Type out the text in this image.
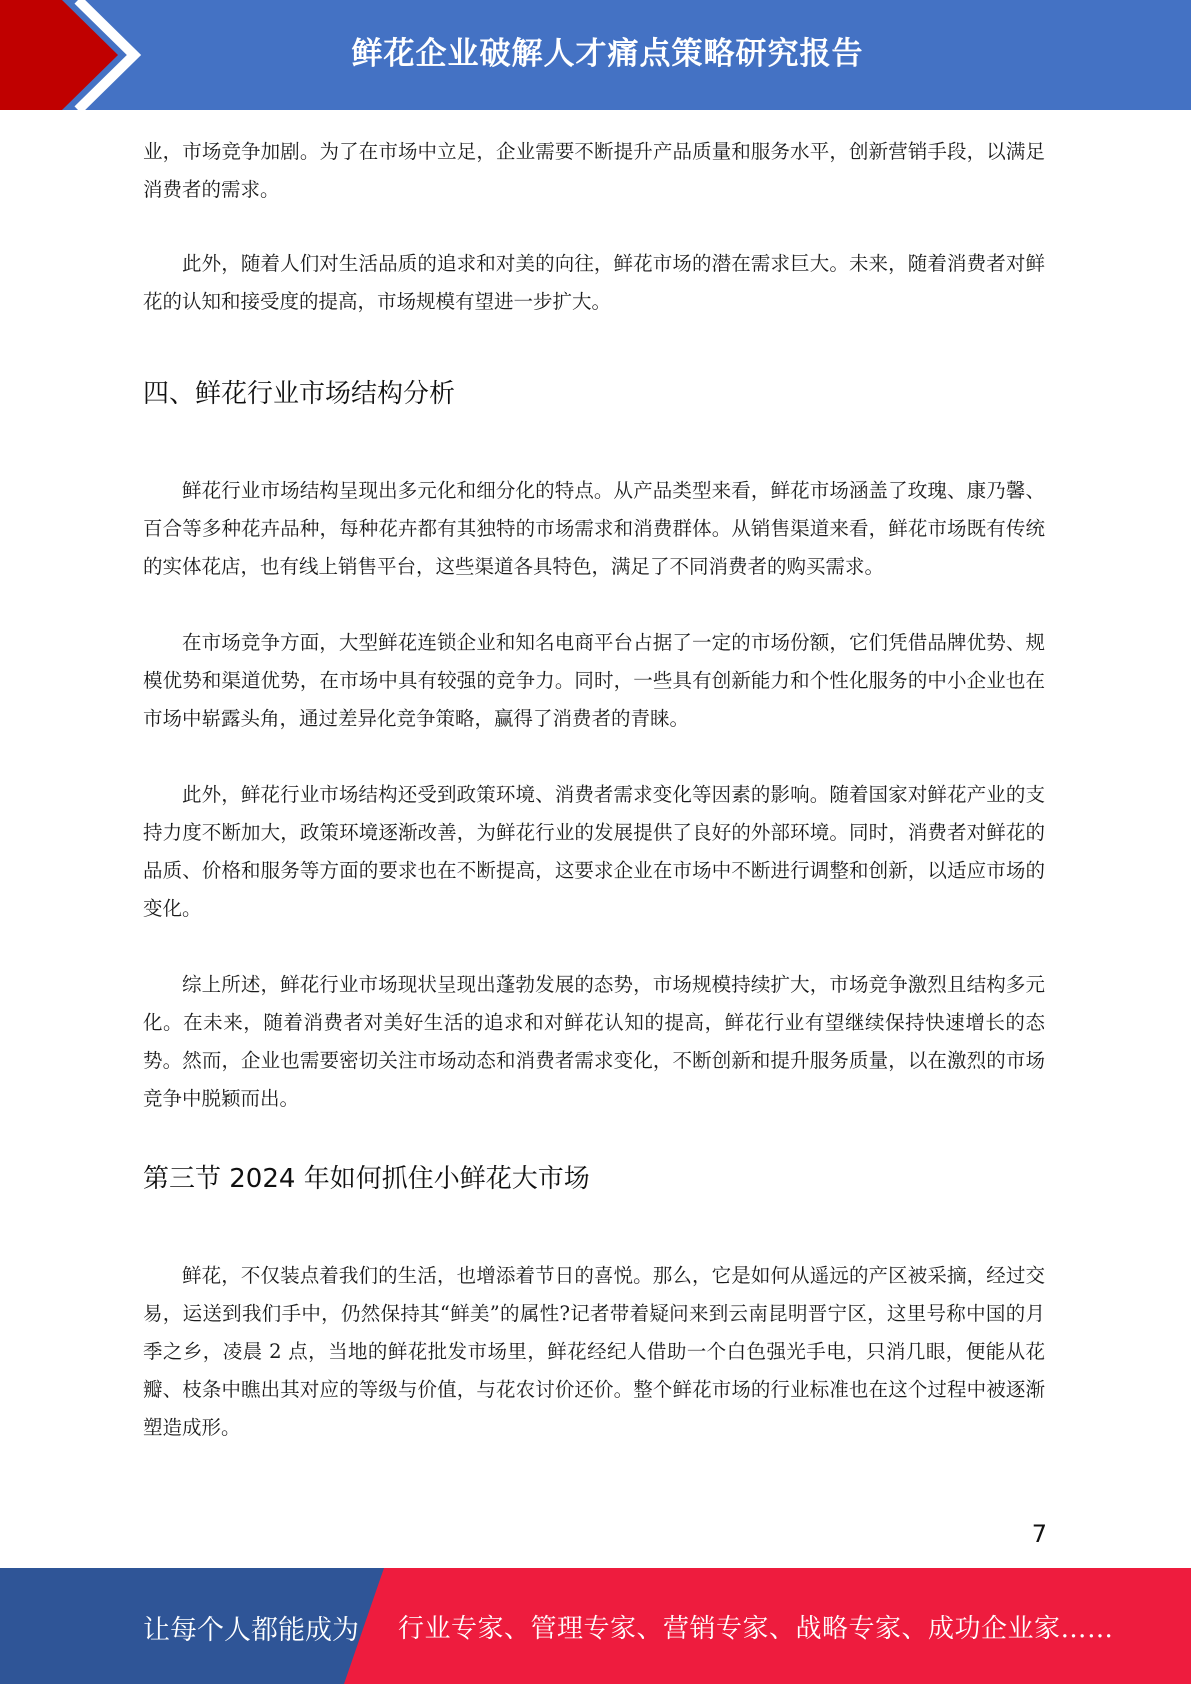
鲜花企业破解人才痛点策略研究报告

业，市场竞争加剧。为了在市场中立足，企业需要不断提升产品质量和服务水平，创新营销手段，以满足消费者的需求。

此外，随着人们对生活品质的追求和对美的向往，鲜花市场的潜在需求巨大。未来，随着消费者对鲜花的认知和接受度的提高，市场规模有望进一步扩大。

四、鲜花行业市场结构分析

鲜花行业市场结构呈现出多元化和细分化的特点。从产品类型来看，鲜花市场涵盖了玫瑰、康乃馨、百合等多种花卉品种，每种花卉都有其独特的市场需求和消费群体。从销售渠道来看，鲜花市场既有传统的实体花店，也有线上销售平台，这些渠道各具特色，满足了不同消费者的购买需求。

在市场竞争方面，大型鲜花连锁企业和知名电商平台占据了一定的市场份额，它们凭借品牌优势、规模优势和渠道优势，在市场中具有较强的竞争力。同时，一些具有创新能力和个性化服务的中小企业也在市场中崭露头角，通过差异化竞争策略，赢得了消费者的青睐。

此外，鲜花行业市场结构还受到政策环境、消费者需求变化等因素的影响。随着国家对鲜花产业的支持力度不断加大，政策环境逐渐改善，为鲜花行业的发展提供了良好的外部环境。同时，消费者对鲜花的品质、价格和服务等方面的要求也在不断提高，这要求企业在市场中不断进行调整和创新，以适应市场的变化。

综上所述，鲜花行业市场现状呈现出蓬勃发展的态势，市场规模持续扩大，市场竞争激烈且结构多元化。在未来，随着消费者对美好生活的追求和对鲜花认知的提高，鲜花行业有望继续保持快速增长的态势。然而，企业也需要密切关注市场动态和消费者需求变化，不断创新和提升服务质量，以在激烈的市场竞争中脱颖而出。

第三节 2024 年如何抓住小鲜花大市场

鲜花，不仅装点着我们的生活，也增添着节日的喜悦。那么，它是如何从遥远的产区被采摘，经过交易，运送到我们手中，仍然保持其“鲜美”的属性?记者带着疑问来到云南昆明晋宁区，这里号称中国的月季之乡，凌晨 2 点，当地的鲜花批发市场里，鲜花经纪人借助一个白色强光手电，只消几眼，便能从花瓣、枝条中瞧出其对应的等级与价值，与花农讨价还价。整个鲜花市场的行业标准也在这个过程中被逐渐塑造成形。

7
让每个人都能成为 行业专家、管理专家、营销专家、战略专家、成功企业家……
